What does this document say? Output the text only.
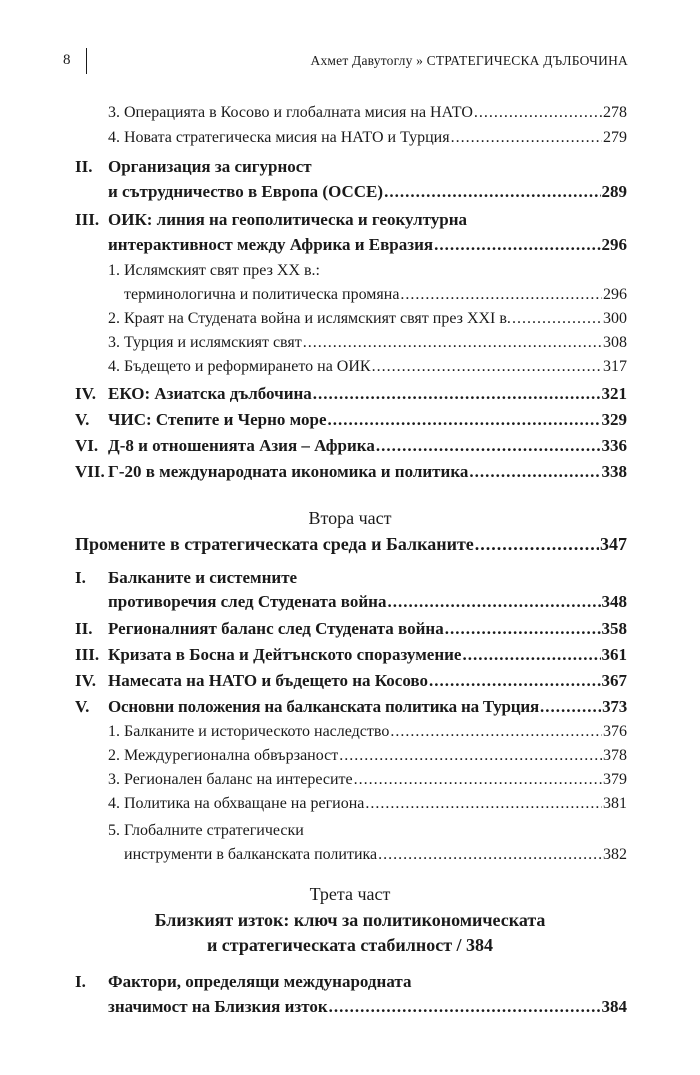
8	Ахмет Давутоглу » СТРАТЕГИЧЕСКА ДЪЛБОЧИНА
3. Операцията в Косово и глобалната мисия на НАТО .....	278
4. Новата стратегическа мисия на НАТО и Турция .....	279
II. Организация за сигурност
и сътрудничество в Европа (ОССЕ) .....	289
III. ОИК: линия на геополитическа и геокултурна
интерактивност между Африка и Евразия .....	296
1. Ислямският свят през ХХ в.:
терминологична и политическа промяна .....	296
2. Краят на Студената война и ислямският свят през ХХI в. .....	300
3. Турция и ислямският свят .....	308
4. Бъдещето и реформирането на ОИК .....	317
IV. ЕКО: Азиатска дълбочина .....	321
V. ЧИС: Степите и Черно море .....	329
VI. Д-8 и отношенията Азия – Африка .....	336
VII. Г-20 в международната икономика и политика .....	338
Втора част
Промените в стратегическата среда и Балканите .....	347
I. Балканите и системните
противоречия след Студената война .....	348
II. Регионалният баланс след Студената война .....	358
III. Кризата в Босна и Дейтънското споразумение .....	361
IV. Намесата на НАТО и бъдещето на Косово .....	367
V. Основни положения на балканската политика на Турция .....	373
1. Балканите и историческото наследство .....	376
2. Междурегионална обвързаност .....	378
3. Регионален баланс на интересите .....	379
4. Политика на обхващане на региона .....	381
5. Глобалните стратегически
инструменти в балканската политика .....	382
Трета част
Близкият изток: ключ за политикономическата
и стратегическата стабилност / 384
I. Фактори, определящи международната
значимост на Близкия изток .....	384
